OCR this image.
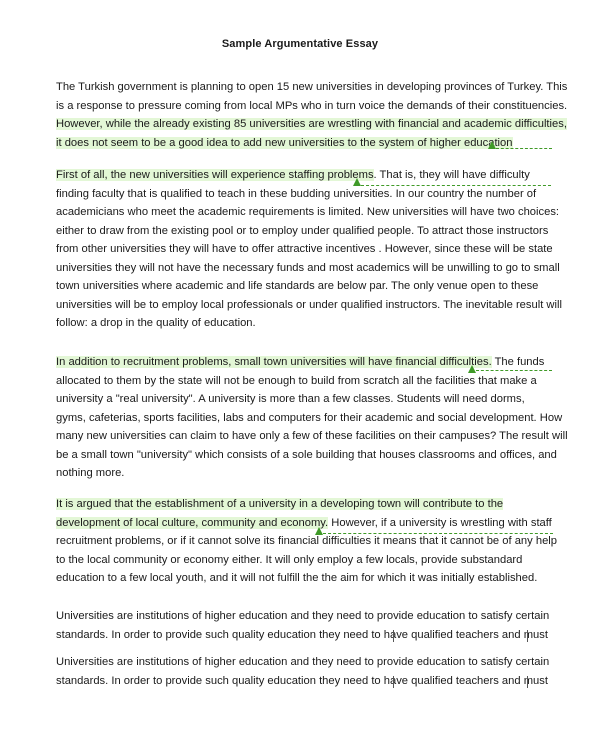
Sample Argumentative Essay
The Turkish government is planning to open 15 new universities in developing provinces of Turkey. This
is a response to pressure coming from local MPs who in turn voice the demands of their constituencies.
However, while the already existing 85 universities are wrestling with financial and academic difficulties,
it does not seem to be a good idea to add new universities to the system of higher education
First of all, the new universities will experience staffing problems. That is, they will have difficulty
finding faculty that is qualified to teach in these budding universities. In our country the number of
academicians who meet the academic requirements is limited. New universities will have two choices:
either to draw from the existing pool or to employ under qualified people. To attract those instructors
from other universities they will have to offer attractive incentives . However, since these will be state
universities they will not have the necessary funds and most academics will be unwilling to go to small
town universities where academic and life standards are below par. The only venue open to these
universities will be to employ local professionals or under qualified instructors. The inevitable result will
follow: a drop in the quality of education.
In addition to recruitment problems, small town universities will have financial difficulties. The funds
allocated to them by the state will not be enough to build from scratch all the facilities that make a
university a "real university". A university is more than a few classes. Students will need dorms,
gyms, cafeterias, sports facilities, labs and computers for their academic and social development. How
many new universities can claim to have only a few of these facilities on their campuses? The result will
be a small town "university" which consists of a sole building that houses classrooms and offices, and
nothing more.
It is argued that the establishment of a university in a developing town will contribute to the
development of local culture, community and economy. However, if a university is wrestling with staff
recruitment problems, or if it cannot solve its financial difficulties it means that it cannot be of any help
to the local community or economy either. It will only employ a few locals, provide substandard
education to a few local youth, and it will not fulfill the the aim for which it was initially established.
Universities are institutions of higher education and they need to provide education to satisfy certain
standards. In order to provide such quality education they need to have qualified teachers and must
Universities are institutions of higher education and they need to provide education to satisfy certain
standards. In order to provide such quality education they need to have qualified teachers and must
